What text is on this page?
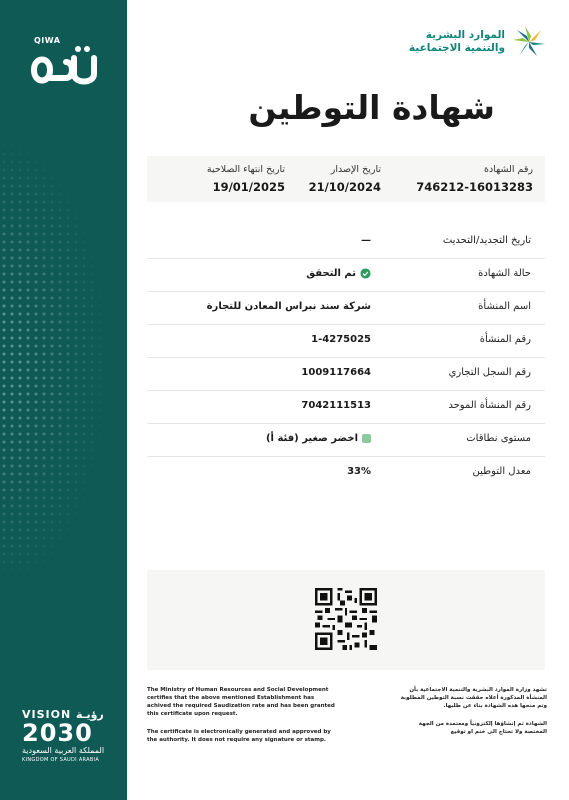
QIWA
VISION رؤيـة
2030
المملكة العربية السعودية
KINGDOM OF SAUDI ARABIA
الموارد البشرية
والتنمية الاجتماعية
شهادة التوطين
رقم الشهادة
746212-16013283
تاريخ الإصدار
21/10/2024
تاريخ انتهاء الصلاحية
19/01/2025
تاريخ التجديد/التحديث
—
حالة الشهادة
تم التحقق
اسم المنشأة
شركة سند نبراس المعادن للتجارة
رقم المنشأة
1-4275025
رقم السجل التجاري
1009117664
رقم المنشأة الموحد
7042111513
مستوى نطاقات
اخضر صغير (فئة أ)
معدل التوطين
33%

The Ministry of Human Resources and Social Development certifies that the above mentioned Establishment has achived the required Saudization rate and has been granted this certificate upon request.

The certificate is electronically generated and approved by the authority. It does not require any signature or stamp.

تشهد وزارة الموارد البشرية والتنمية الاجتماعية بأن المنشأة المذكورة أعلاه حققت نسبة التوطين المطلوبة وتم منحها هذه الشهادة بناء عن طلبها.

الشهادة تم إنشاؤها إلكترونياً ومعتمدة من الجهة المختصة ولا تحتاج الى ختم او توقيع
